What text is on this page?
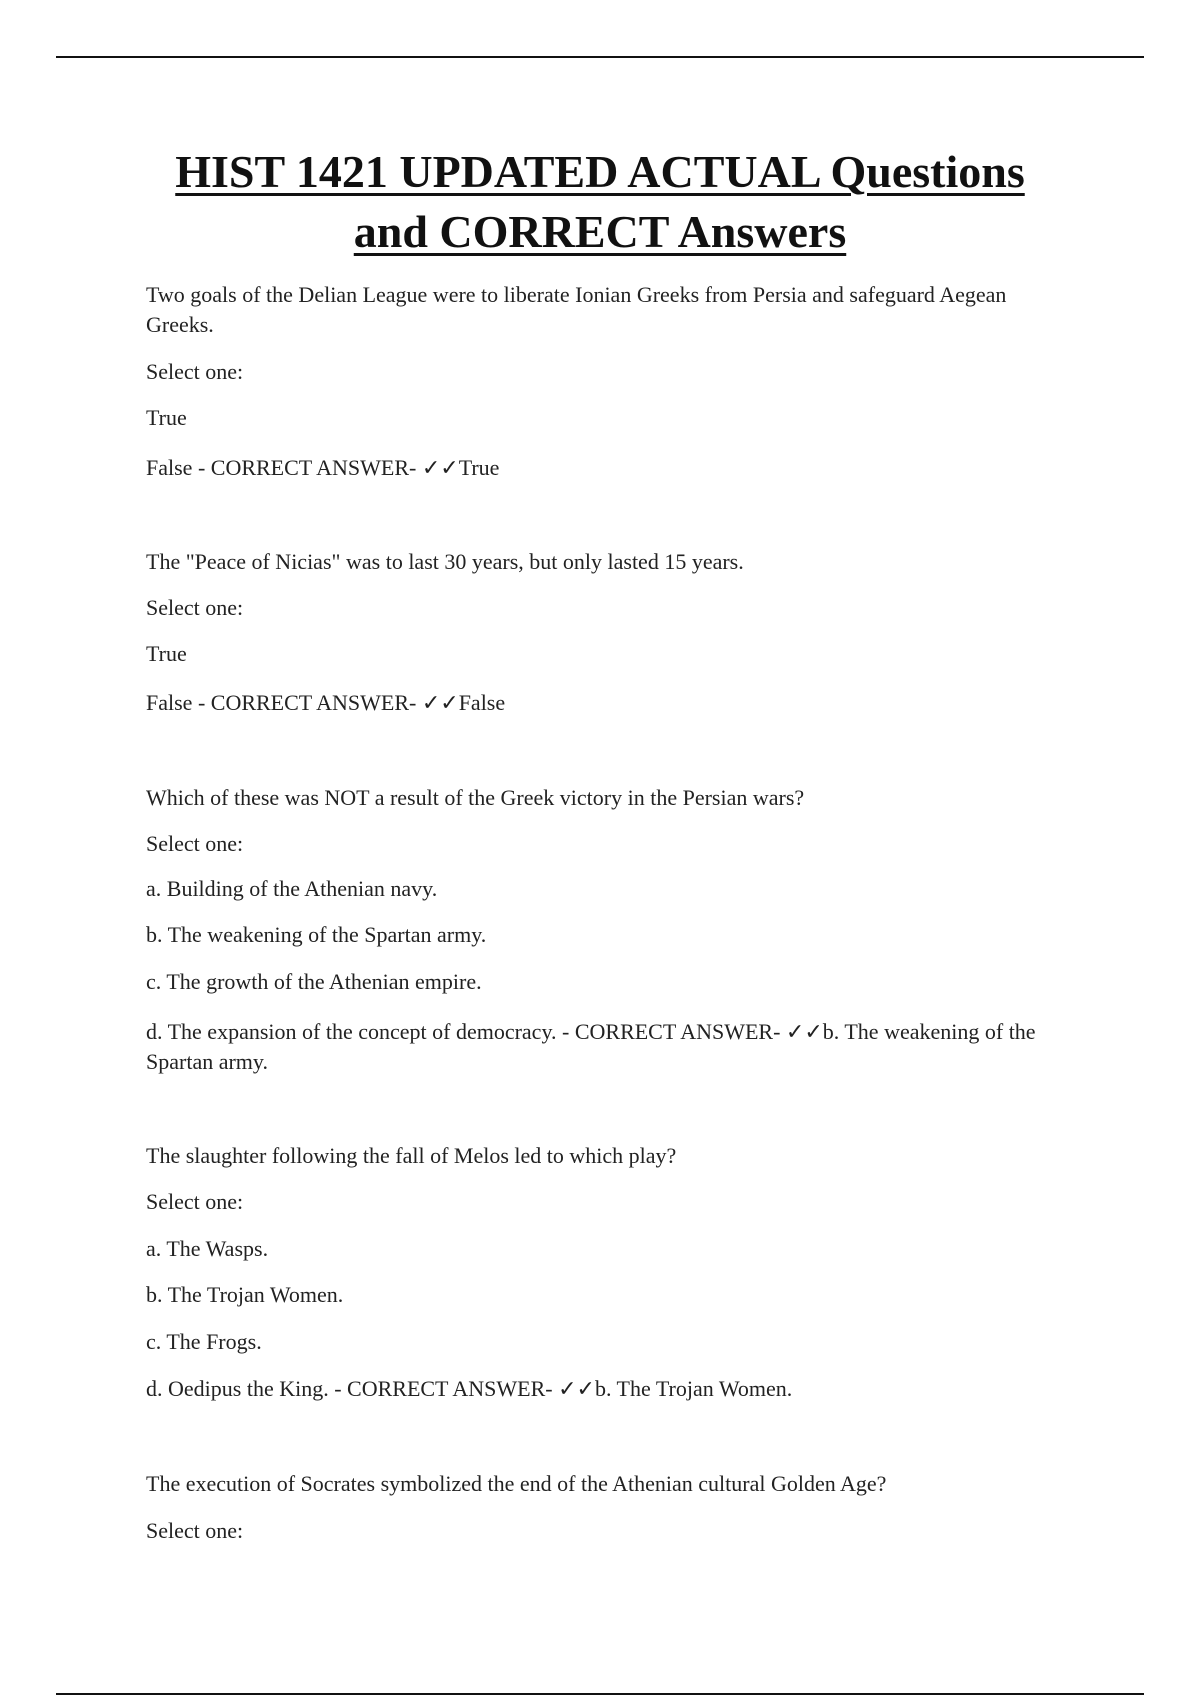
HIST 1421 UPDATED ACTUAL Questions
and CORRECT Answers

Two goals of the Delian League were to liberate Ionian Greeks from Persia and safeguard Aegean Greeks.

Select one:

True

False - CORRECT ANSWER- ✓✓True

The "Peace of Nicias" was to last 30 years, but only lasted 15 years.

Select one:

True

False - CORRECT ANSWER- ✓✓False

Which of these was NOT a result of the Greek victory in the Persian wars?

Select one:

a. Building of the Athenian navy.

b. The weakening of the Spartan army.

c. The growth of the Athenian empire.

d. The expansion of the concept of democracy. - CORRECT ANSWER- ✓✓b. The weakening of the Spartan army.

The slaughter following the fall of Melos led to which play?

Select one:

a. The Wasps.

b. The Trojan Women.

c. The Frogs.

d. Oedipus the King. - CORRECT ANSWER- ✓✓b. The Trojan Women.

The execution of Socrates symbolized the end of the Athenian cultural Golden Age?

Select one:
